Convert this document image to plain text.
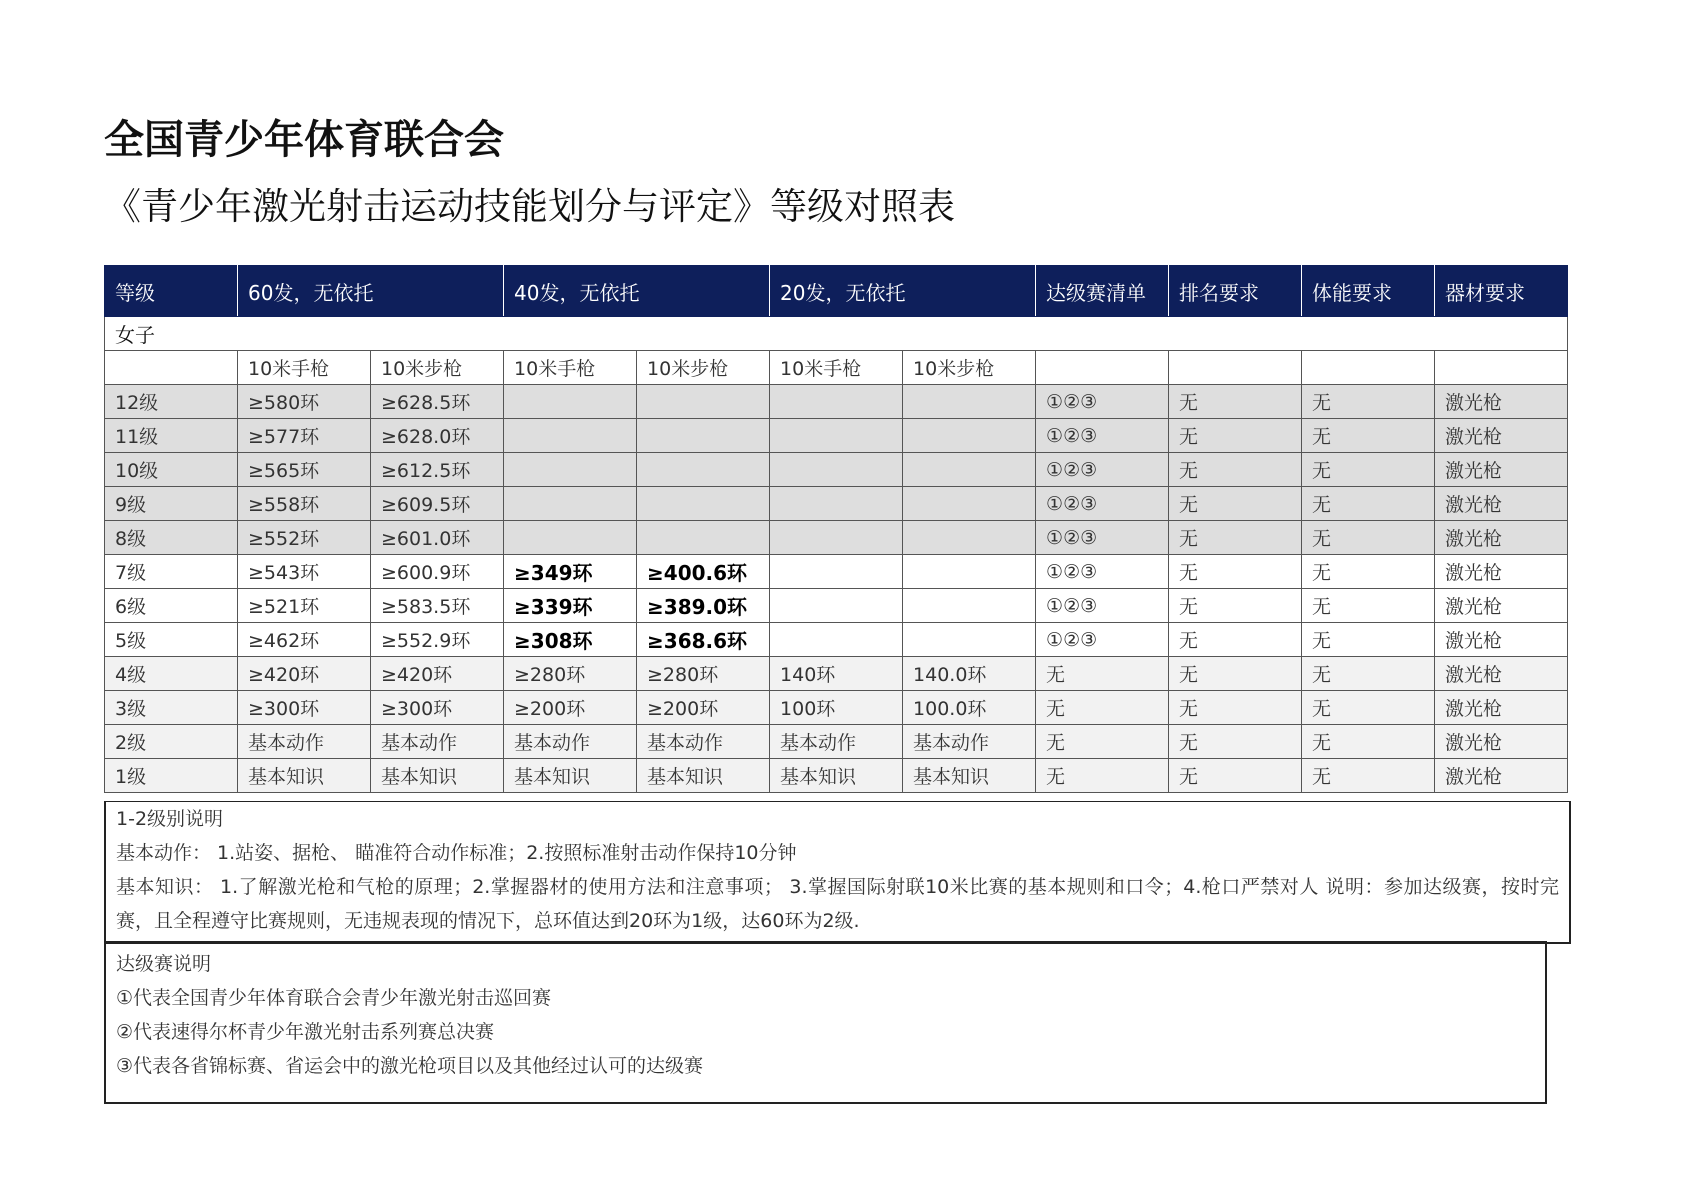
全国青少年体育联合会
《青少年激光射击运动技能划分与评定》等级对照表
等级	60发，无依托		40发，无依托		20发，无依托		达级赛清单	排名要求	体能要求	器材要求
女子										
	10米手枪	10米步枪	10米手枪	10米步枪	10米手枪	10米步枪				
12级	≥580环	≥628.5环					①②③	无	无	激光枪
11级	≥577环	≥628.0环					①②③	无	无	激光枪
10级	≥565环	≥612.5环					①②③	无	无	激光枪
9级	≥558环	≥609.5环					①②③	无	无	激光枪
8级	≥552环	≥601.0环					①②③	无	无	激光枪
7级	≥543环	≥600.9环	≥349环	≥400.6环			①②③	无	无	激光枪
6级	≥521环	≥583.5环	≥339环	≥389.0环			①②③	无	无	激光枪
5级	≥462环	≥552.9环	≥308环	≥368.6环			①②③	无	无	激光枪
4级	≥420环	≥420环	≥280环	≥280环	140环	140.0环	无	无	无	激光枪
3级	≥300环	≥300环	≥200环	≥200环	100环	100.0环	无	无	无	激光枪
2级	基本动作	基本动作	基本动作	基本动作	基本动作	基本动作	无	无	无	激光枪
1级	基本知识	基本知识	基本知识	基本知识	基本知识	基本知识	无	无	无	激光枪

1-2级别说明

基本动作： 1.站姿、据枪、 瞄准符合动作标准；2.按照标准射击动作保持10分钟

基本知识： 1.了解激光枪和气枪的原理；2.掌握器材的使用方法和注意事项； 3.掌握国际射联10米比赛的基本规则和口令；4.枪口严禁对人 说明：参加达级赛，按时完赛，且全程遵守比赛规则，无违规表现的情况下，总环值达到20环为1级，达60环为2级.

达级赛说明

①代表全国青少年体育联合会青少年激光射击巡回赛

②代表速得尔杯青少年激光射击系列赛总决赛

③代表各省锦标赛、省运会中的激光枪项目以及其他经过认可的达级赛
